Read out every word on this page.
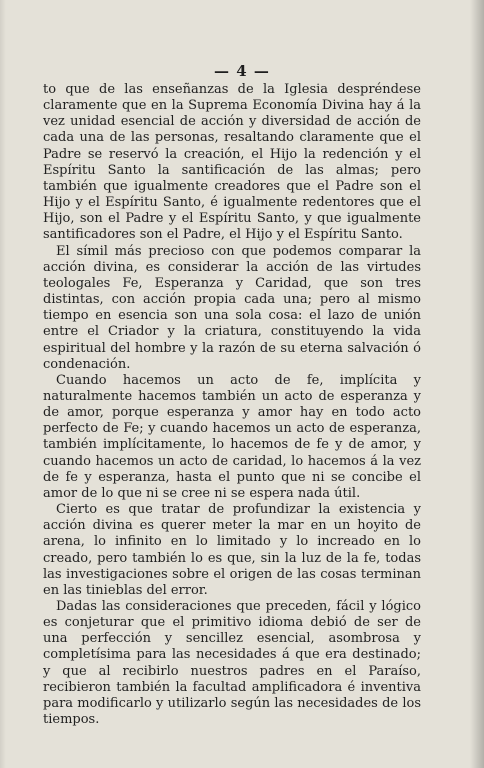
— 4 —

to que de las enseñanzas de la Iglesia despréndese claramente que en la Suprema Economía Divina hay á la vez unidad esencial de acción y diversidad de acción de cada una de las personas, resaltando claramente que el Padre se reservó la creación, el Hijo la redención y el Espíritu Santo la santificación de las almas; pero también que igualmente creadores que el Padre son el Hijo y el Espíritu Santo, é igualmente redentores que el Hijo, son el Padre y el Espíritu Santo, y que igualmente santificadores son el Padre, el Hijo y el Espíritu Santo.

El símil más precioso con que podemos comparar la acción divina, es considerar la acción de las virtudes teologales Fe, Esperanza y Caridad, que son tres distintas, con acción propia cada una; pero al mismo tiempo en esencia son una sola cosa: el lazo de unión entre el Criador y la criatura, constituyendo la vida espiritual del hombre y la razón de su eterna salvación ó condenación.

Cuando hacemos un acto de fe, implícita y naturalmente hacemos también un acto de esperanza y de amor, porque esperanza y amor hay en todo acto perfecto de Fe; y cuando hacemos un acto de esperanza, también implícitamente, lo hacemos de fe y de amor, y cuando hacemos un acto de caridad, lo hacemos á la vez de fe y esperanza, hasta el punto que ni se concibe el amor de lo que ni se cree ni se espera nada útil.

Cierto es que tratar de profundizar la existencia y acción divina es querer meter la mar en un hoyito de arena, lo infinito en lo limitado y lo increado en lo creado, pero también lo es que, sin la luz de la fe, todas las investigaciones sobre el origen de las cosas terminan en las tinieblas del error.

Dadas las consideraciones que preceden, fácil y lógico es conjeturar que el primitivo idioma debió de ser de una perfección y sencillez esencial, asombrosa y completísima para las necesidades á que era destinado; y que al recibirlo nuestros padres en el Paraíso, recibieron también la facultad amplificadora é inventiva para modificarlo y utilizarlo según las necesidades de los tiempos.
